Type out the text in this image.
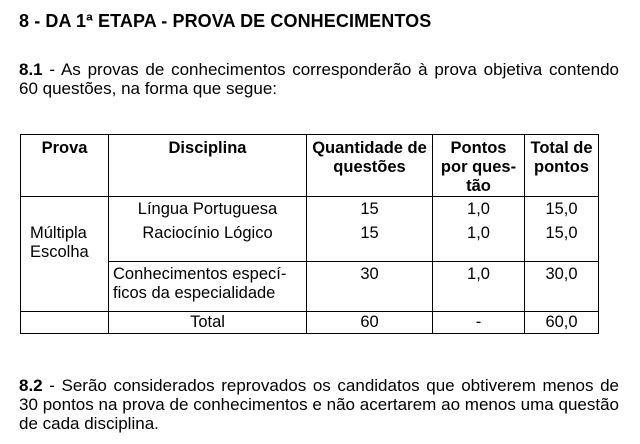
8 - DA 1ª ETAPA - PROVA DE CONHECIMENTOS
8.1 - As provas de conhecimentos corresponderão à prova objetiva contendo 60 questões, na forma que segue:
Prova	Disciplina	Quantidade de questões	Pontos por ques- tão	Total de pontos
	Língua Portuguesa	15	1,0	15,0
Múltipla Escolha	Raciocínio Lógico	15	1,0	15,0
	Conhecimentos especí- ficos da especialidade	30	1,0	30,0
	Total	60	-	60,0
8.2 - Serão considerados reprovados os candidatos que obtiverem menos de 30 pontos na prova de conhecimentos e não acertarem ao menos uma questão de cada disciplina.
